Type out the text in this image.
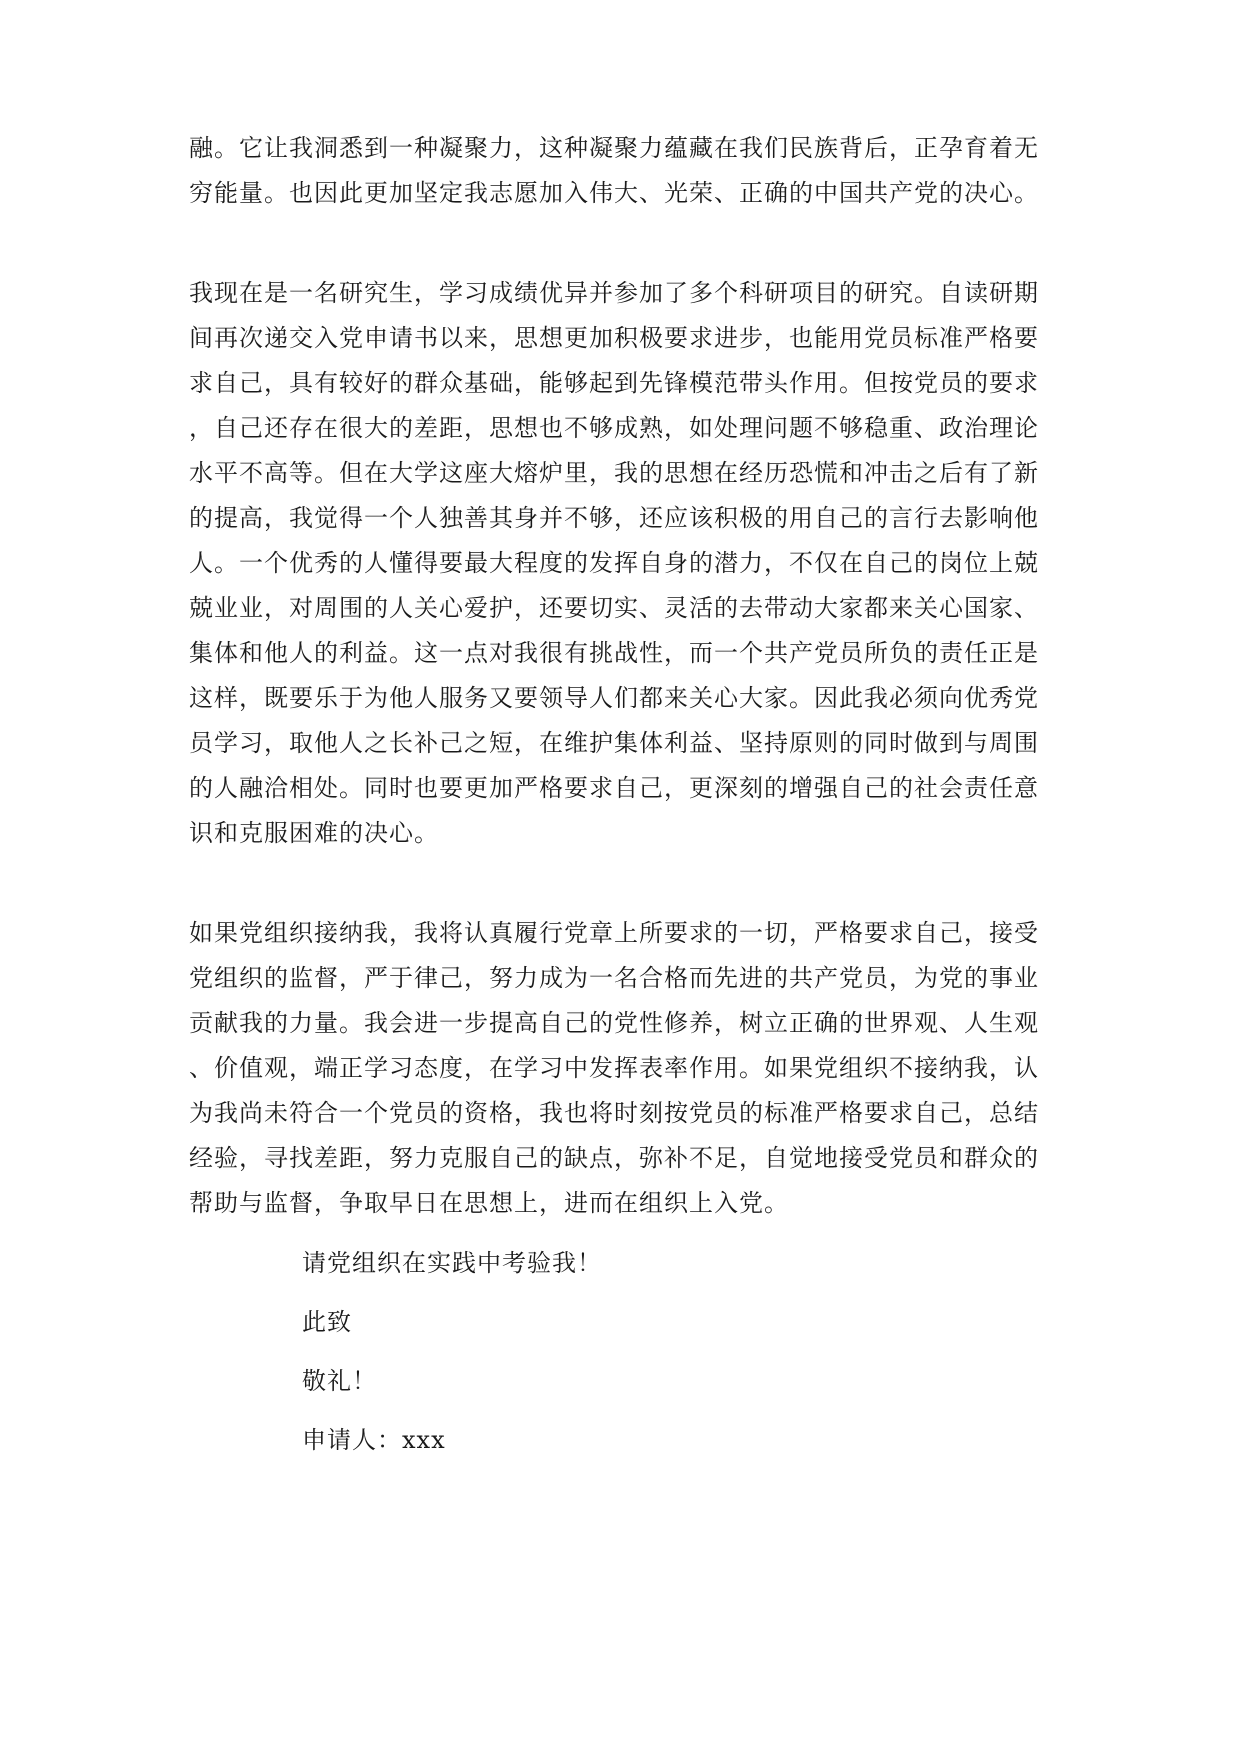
融。它让我洞悉到一种凝聚力，这种凝聚力蕴藏在我们民族背后，正孕育着无
穷能量。也因此更加坚定我志愿加入伟大、光荣、正确的中国共产党的决心。
我现在是一名研究生，学习成绩优异并参加了多个科研项目的研究。自读研期
间再次递交入党申请书以来，思想更加积极要求进步，也能用党员标准严格要
求自己，具有较好的群众基础，能够起到先锋模范带头作用。但按党员的要求
，自己还存在很大的差距，思想也不够成熟，如处理问题不够稳重、政治理论
水平不高等。但在大学这座大熔炉里，我的思想在经历恐慌和冲击之后有了新
的提高，我觉得一个人独善其身并不够，还应该积极的用自己的言行去影响他
人。一个优秀的人懂得要最大程度的发挥自身的潜力，不仅在自己的岗位上兢
兢业业，对周围的人关心爱护，还要切实、灵活的去带动大家都来关心国家、
集体和他人的利益。这一点对我很有挑战性，而一个共产党员所负的责任正是
这样，既要乐于为他人服务又要领导人们都来关心大家。因此我必须向优秀党
员学习，取他人之长补己之短，在维护集体利益、坚持原则的同时做到与周围
的人融洽相处。同时也要更加严格要求自己，更深刻的增强自己的社会责任意
识和克服困难的决心。
如果党组织接纳我，我将认真履行党章上所要求的一切，严格要求自己，接受
党组织的监督，严于律己，努力成为一名合格而先进的共产党员，为党的事业
贡献我的力量。我会进一步提高自己的党性修养，树立正确的世界观、人生观
、价值观，端正学习态度，在学习中发挥表率作用。如果党组织不接纳我，认
为我尚未符合一个党员的资格，我也将时刻按党员的标准严格要求自己，总结
经验，寻找差距，努力克服自己的缺点，弥补不足，自觉地接受党员和群众的
帮助与监督，争取早日在思想上，进而在组织上入党。
请党组织在实践中考验我！
此致
敬礼！
申请人：xxx
